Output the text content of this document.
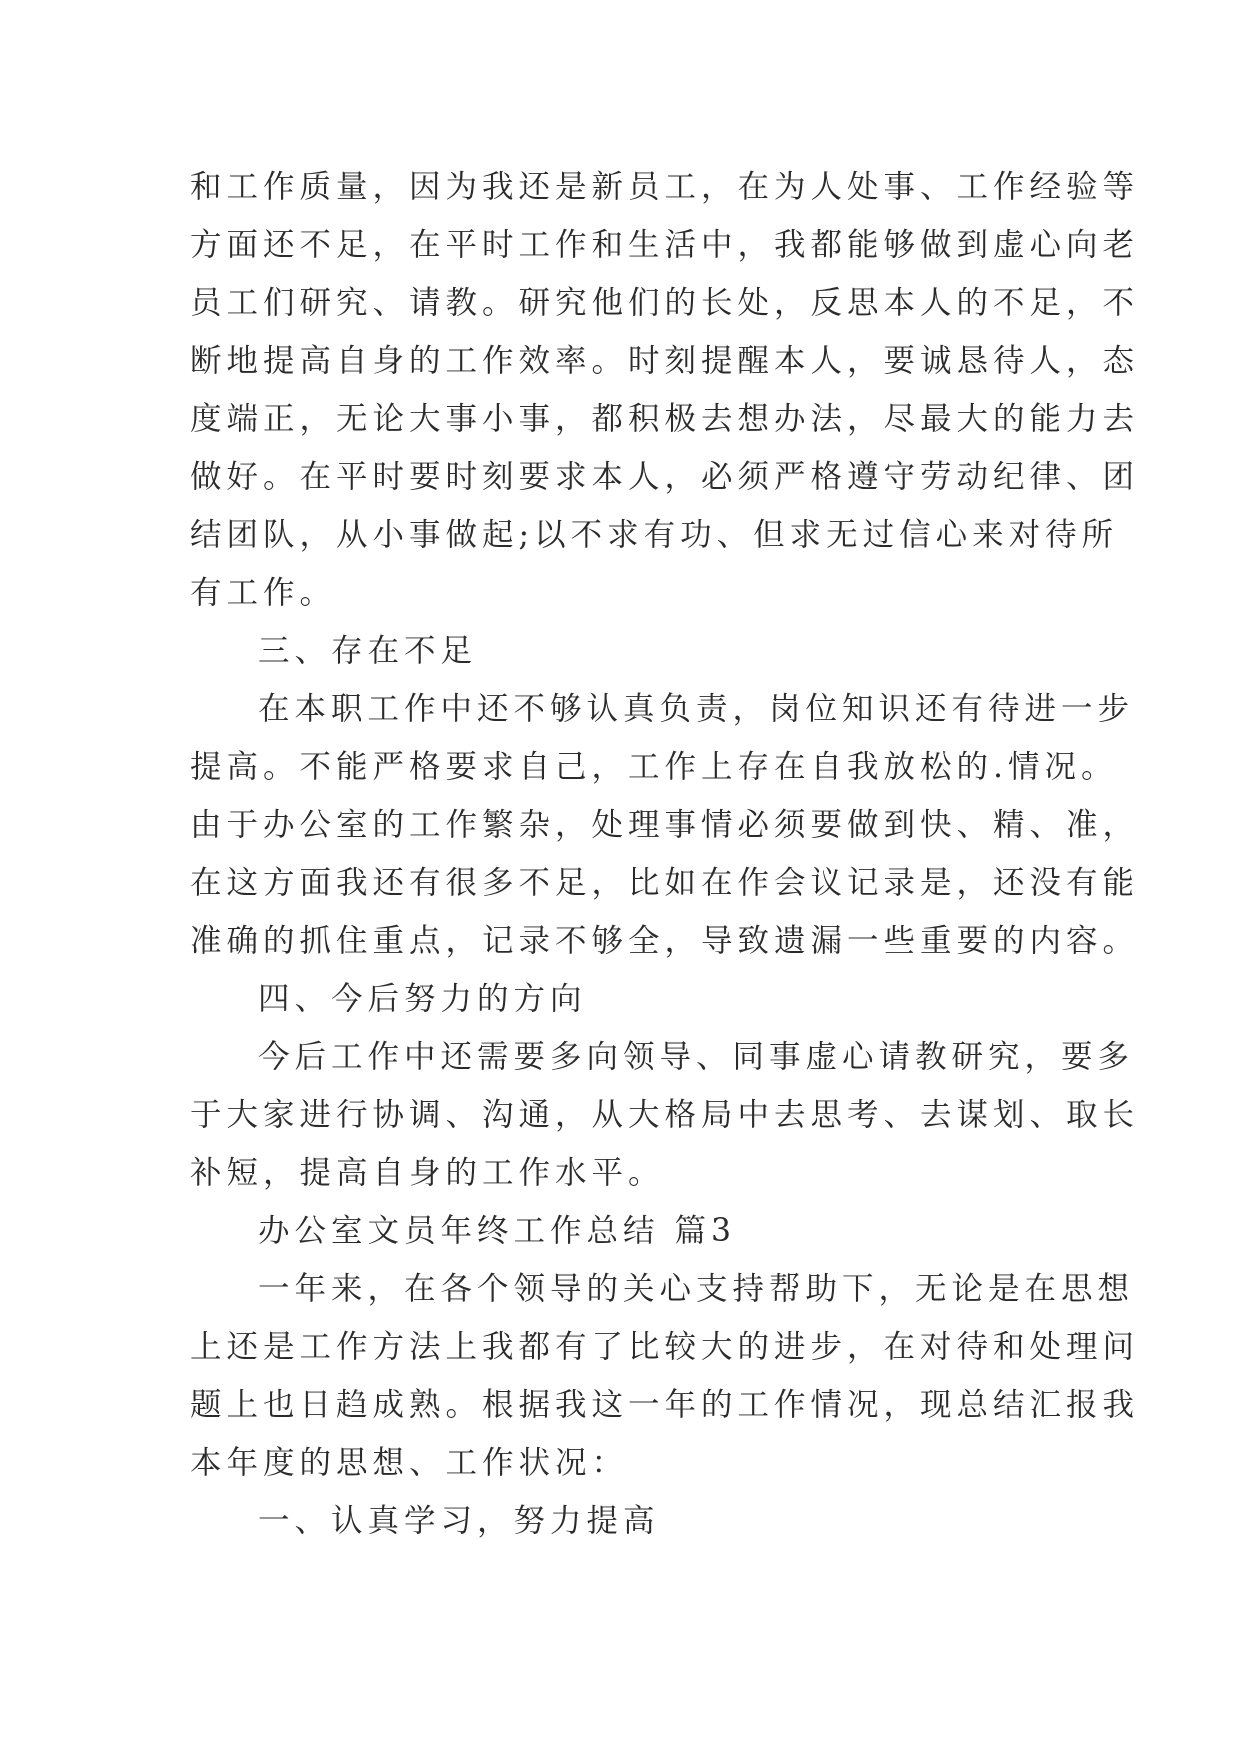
和工作质量，因为我还是新员工，在为人处事、工作经验等
方面还不足，在平时工作和生活中，我都能够做到虚心向老
员工们研究、请教。研究他们的长处，反思本人的不足，不
断地提高自身的工作效率。时刻提醒本人，要诚恳待人，态
度端正，无论大事小事，都积极去想办法，尽最大的能力去
做好。在平时要时刻要求本人，必须严格遵守劳动纪律、团
结团队，从小事做起;以不求有功、但求无过信心来对待所
有工作。
三、存在不足
在本职工作中还不够认真负责，岗位知识还有待进一步
提高。不能严格要求自己，工作上存在自我放松的.情况。
由于办公室的工作繁杂，处理事情必须要做到快、精、准，
在这方面我还有很多不足，比如在作会议记录是，还没有能
准确的抓住重点，记录不够全，导致遗漏一些重要的内容。
四、今后努力的方向
今后工作中还需要多向领导、同事虚心请教研究，要多
于大家进行协调、沟通，从大格局中去思考、去谋划、取长
补短，提高自身的工作水平。
办公室文员年终工作总结 篇3
一年来，在各个领导的关心支持帮助下，无论是在思想
上还是工作方法上我都有了比较大的进步，在对待和处理问
题上也日趋成熟。根据我这一年的工作情况，现总结汇报我
本年度的思想、工作状况：
一、认真学习，努力提高
